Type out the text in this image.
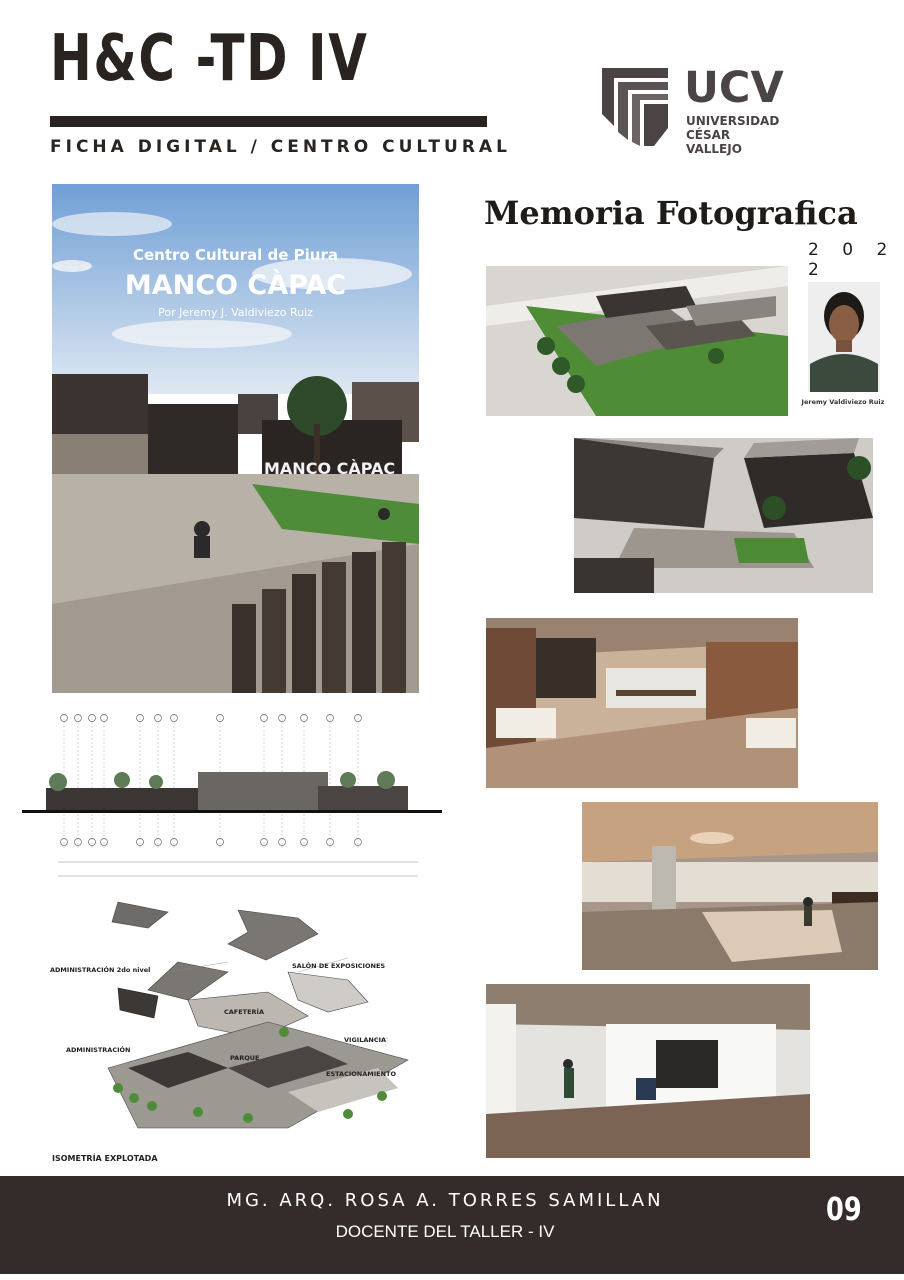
H&C -TD IV
FICHA DIGITAL / CENTRO CULTURAL
UCV
UNIVERSIDAD
CÉSAR VALLEJO
Memoria Fotografica
2 0 2 2
Centro Cultural de Piura
MANCO CÀPAC
Por Jeremy J. Valdiviezo Ruiz
MANCO CÀPAC
Jeremy Valdiviezo Ruiz
ADMINISTRACIÓN 2do nivel	SALÓN DE EXPOSICIONES
CAFETERÍA
ADMINISTRACIÓN
VIGILANCIA
PARQUE
ESTACIONAMIENTO
ISOMETRÍA EXPLOTADA
MG. ARQ. ROSA A. TORRES SAMILLAN
DOCENTE DEL TALLER - IV
09
